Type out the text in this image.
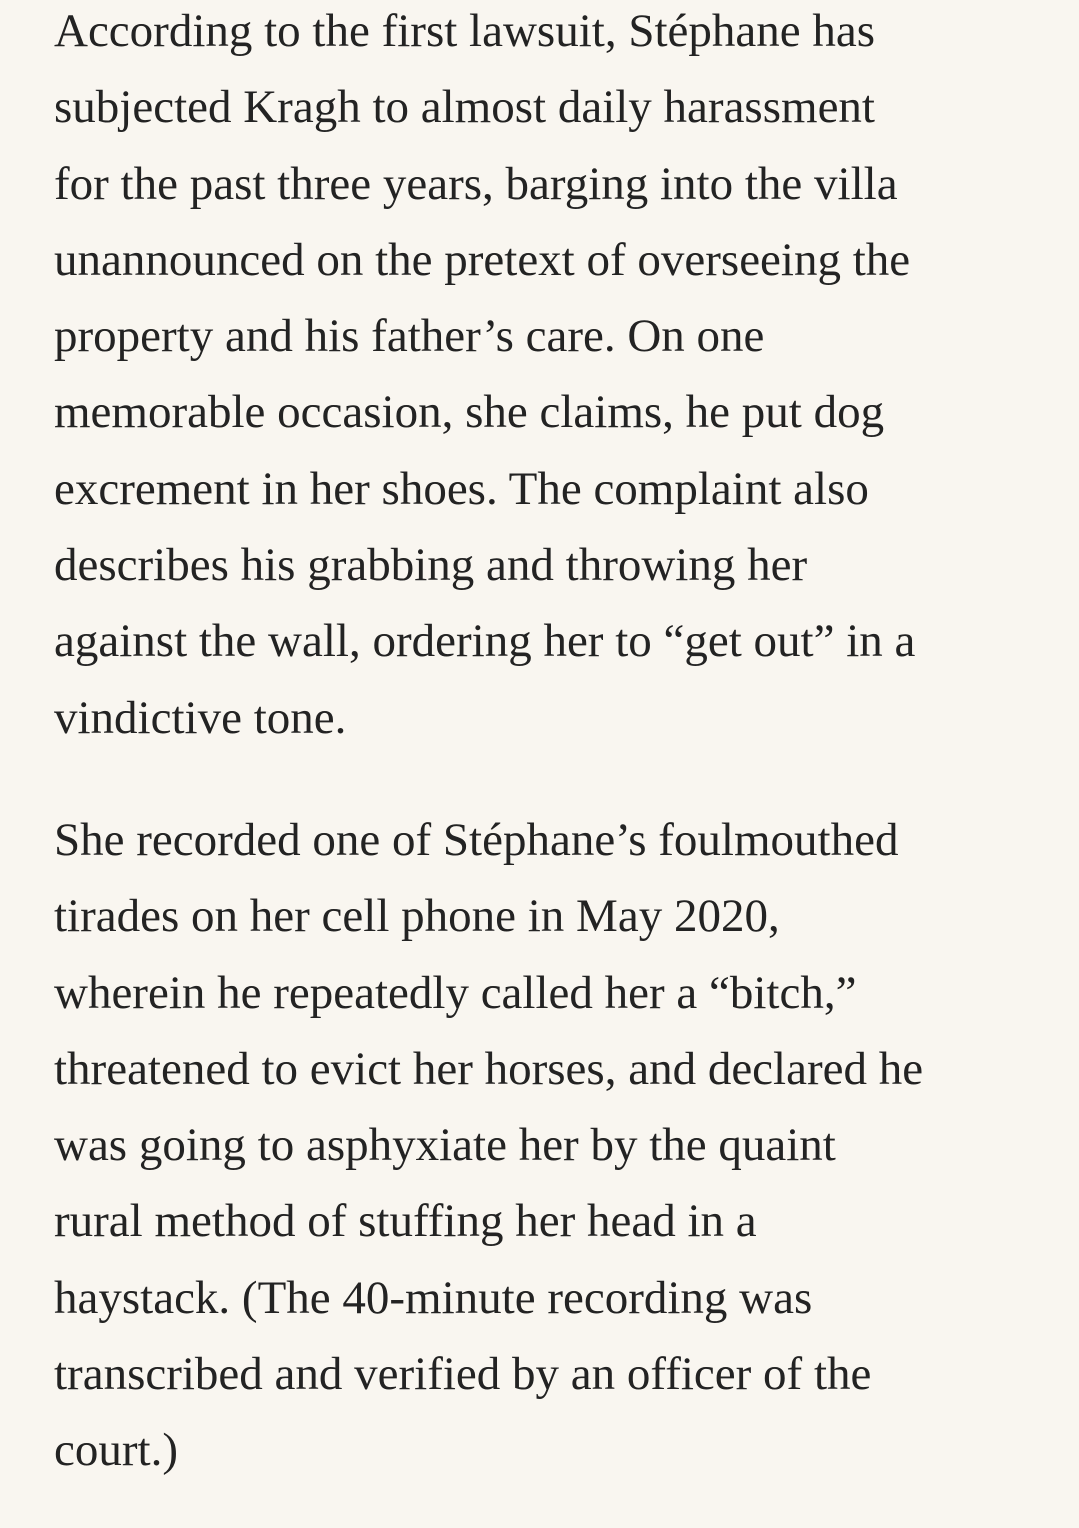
According to the first lawsuit, Stéphane has
subjected Kragh to almost daily harassment
for the past three years, barging into the villa
unannounced on the pretext of overseeing the
property and his father’s care. On one
memorable occasion, she claims, he put dog
excrement in her shoes. The complaint also
describes his grabbing and throwing her
against the wall, ordering her to “get out” in a
vindictive tone.

She recorded one of Stéphane’s foulmouthed
tirades on her cell phone in May 2020,
wherein he repeatedly called her a “bitch,”
threatened to evict her horses, and declared he
was going to asphyxiate her by the quaint
rural method of stuffing her head in a
haystack. (The 40-minute recording was
transcribed and verified by an officer of the
court.)
